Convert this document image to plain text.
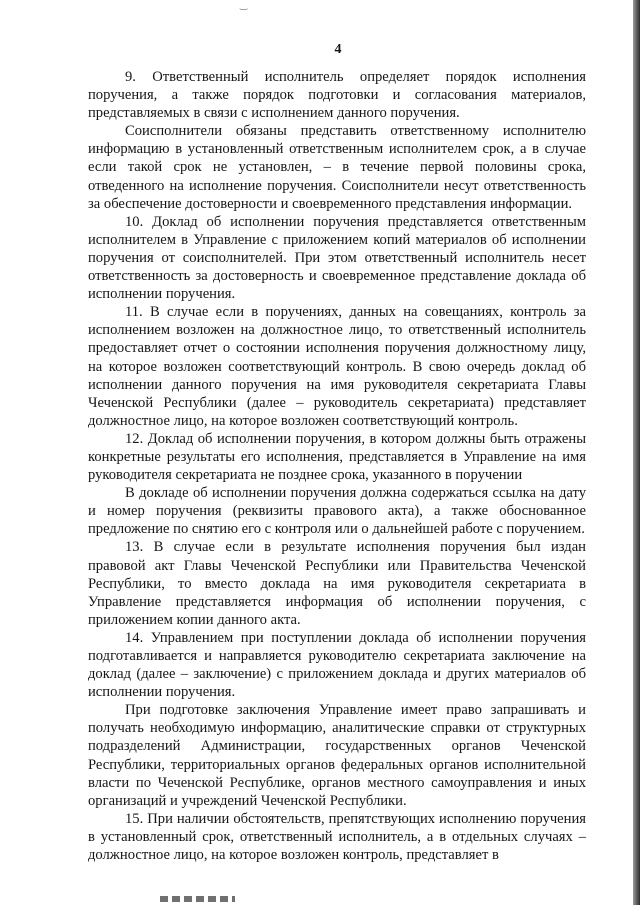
‿
4

9. Ответственный исполнитель определяет порядок исполнения поручения, а также порядок подготовки и согласования материалов, представляемых в связи с исполнением данного поручения.

Соисполнители обязаны представить ответственному исполнителю информацию в установленный ответственным исполнителем срок, а в случае если такой срок не установлен, – в течение первой половины срока, отведенного на исполнение поручения. Соисполнители несут ответственность за обеспечение достоверности и своевременного представления информации.

10. Доклад об исполнении поручения представляется ответственным исполнителем в Управление с приложением копий материалов об исполнении поручения от соисполнителей. При этом ответственный исполнитель несет ответственность за достоверность и своевременное представление доклада об исполнении поручения.

11. В случае если в поручениях, данных на совещаниях, контроль за исполнением возложен на должностное лицо, то ответственный исполнитель предоставляет отчет о состоянии исполнения поручения должностному лицу, на которое возложен соответствующий контроль. В свою очередь доклад об исполнении данного поручения на имя руководителя секретариата Главы Чеченской Республики (далее – руководитель секретариата) представляет должностное лицо, на которое возложен соответствующий контроль.

12. Доклад об исполнении поручения, в котором должны быть отражены конкретные результаты его исполнения, представляется в Управление на имя руководителя секретариата не позднее срока, указанного в поручении

В докладе об исполнении поручения должна содержаться ссылка на дату и номер поручения (реквизиты правового акта), а также обоснованное предложение по снятию его с контроля или о дальнейшей работе с поручением.

13. В случае если в результате исполнения поручения был издан правовой акт Главы Чеченской Республики или Правительства Чеченской Республики, то вместо доклада на имя руководителя секретариата в Управление представляется информация об исполнении поручения, с приложением копии данного акта.

14. Управлением при поступлении доклада об исполнении поручения подготавливается и направляется руководителю секретариата заключение на доклад (далее – заключение) с приложением доклада и других материалов об исполнении поручения.

При подготовке заключения Управление имеет право запрашивать и получать необходимую информацию, аналитические справки от структурных подразделений Администрации, государственных органов Чеченской Республики, территориальных органов федеральных органов исполнительной власти по Чеченской Республике, органов местного самоуправления и иных организаций и учреждений Чеченской Республики.

15. При наличии обстоятельств, препятствующих исполнению поручения в установленный срок, ответственный исполнитель, а в отдельных случаях – должностное лицо, на которое возложен контроль, представляет в
